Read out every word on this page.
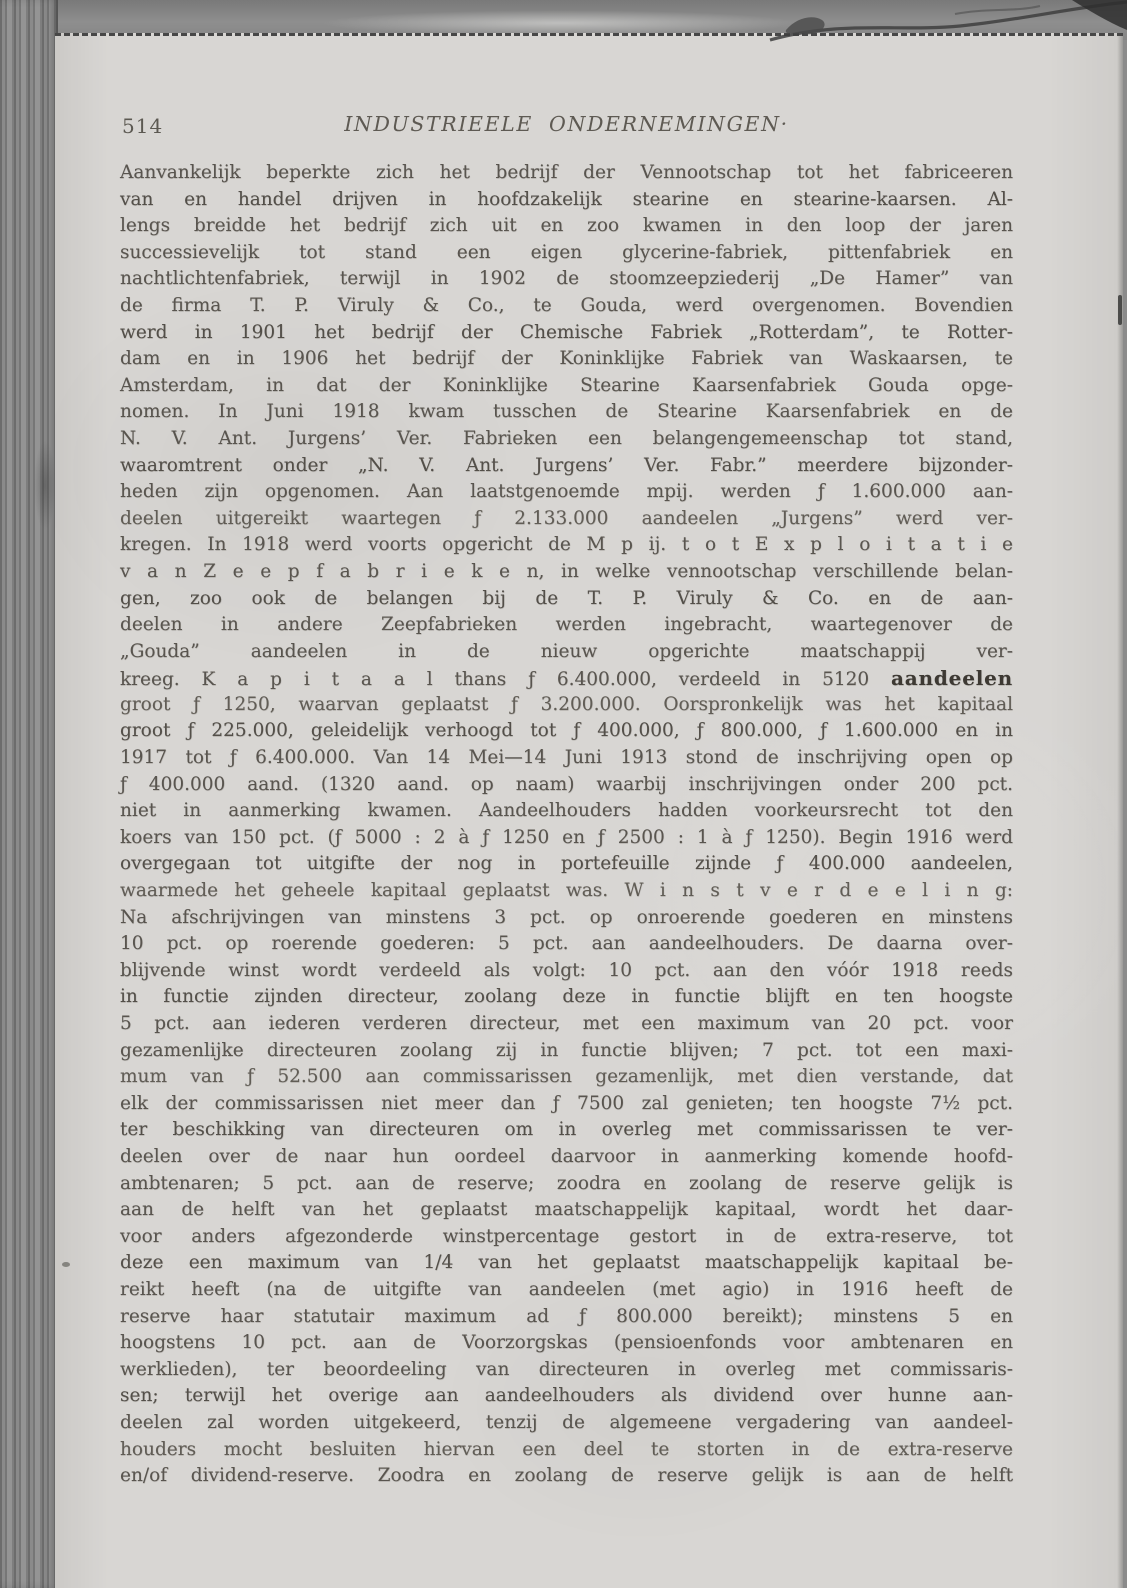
514	INDUSTRIEELE ONDERNEMINGEN·
Aanvankelijk beperkte zich het bedrijf der Vennootschap tot het fabriceeren
van en handel drijven in hoofdzakelijk stearine en stearine-kaarsen. Al-
lengs breidde het bedrijf zich uit en zoo kwamen in den loop der jaren
successievelijk tot stand een eigen glycerine-fabriek, pittenfabriek en
nachtlichtenfabriek, terwijl in 1902 de stoomzeepziederij „De Hamer” van
de firma T. P. Viruly & Co., te Gouda, werd overgenomen. Bovendien
werd in 1901 het bedrijf der Chemische Fabriek „Rotterdam”, te Rotter-
dam en in 1906 het bedrijf der Koninklijke Fabriek van Waskaarsen, te
Amsterdam, in dat der Koninklijke Stearine Kaarsenfabriek Gouda opge-
nomen. In Juni 1918 kwam tusschen de Stearine Kaarsenfabriek en de
N. V. Ant. Jurgens’ Ver. Fabrieken een belangengemeenschap tot stand,
waaromtrent onder „N. V. Ant. Jurgens’ Ver. Fabr.” meerdere bijzonder-
heden zijn opgenomen. Aan laatstgenoemde mpij. werden ƒ 1.600.000 aan-
deelen uitgereikt waartegen ƒ 2.133.000 aandeelen „Jurgens” werd ver-
kregen. In 1918 werd voorts opgericht de M p ij. t o t E x p l o i t a t i e
v a n Z e e p f a b r i e k e n, in welke vennootschap verschillende belan-
gen, zoo ook de belangen bij de T. P. Viruly & Co. en de aan-
deelen in andere Zeepfabrieken werden ingebracht, waartegenover de
„Gouda” aandeelen in de nieuw opgerichte maatschappij ver-
kreeg. K a p i t a a l thans ƒ 6.400.000, verdeeld in 5120 aandeelen
groot ƒ 1250, waarvan geplaatst ƒ 3.200.000. Oorspronkelijk was het kapitaal
groot ƒ 225.000, geleidelijk verhoogd tot ƒ 400.000, ƒ 800.000, ƒ 1.600.000 en in
1917 tot ƒ 6.400.000. Van 14 Mei—14 Juni 1913 stond de inschrijving open op
ƒ 400.000 aand. (1320 aand. op naam) waarbij inschrijvingen onder 200 pct.
niet in aanmerking kwamen. Aandeelhouders hadden voorkeursrecht tot den
koers van 150 pct. (ƒ 5000 : 2 à ƒ 1250 en ƒ 2500 : 1 à ƒ 1250). Begin 1916 werd
overgegaan tot uitgifte der nog in portefeuille zijnde ƒ 400.000 aandeelen,
waarmede het geheele kapitaal geplaatst was. W i n s t v e r d e e l i n g:
Na afschrijvingen van minstens 3 pct. op onroerende goederen en minstens
10 pct. op roerende goederen: 5 pct. aan aandeelhouders. De daarna over-
blijvende winst wordt verdeeld als volgt: 10 pct. aan den vóór 1918 reeds
in functie zijnden directeur, zoolang deze in functie blijft en ten hoogste
5 pct. aan iederen verderen directeur, met een maximum van 20 pct. voor
gezamenlijke directeuren zoolang zij in functie blijven; 7 pct. tot een maxi-
mum van ƒ 52.500 aan commissarissen gezamenlijk, met dien verstande, dat
elk der commissarissen niet meer dan ƒ 7500 zal genieten; ten hoogste 7½ pct.
ter beschikking van directeuren om in overleg met commissarissen te ver-
deelen over de naar hun oordeel daarvoor in aanmerking komende hoofd-
ambtenaren; 5 pct. aan de reserve; zoodra en zoolang de reserve gelijk is
aan de helft van het geplaatst maatschappelijk kapitaal, wordt het daar-
voor anders afgezonderde winstpercentage gestort in de extra-reserve, tot
deze een maximum van 1/4 van het geplaatst maatschappelijk kapitaal be-
reikt heeft (na de uitgifte van aandeelen (met agio) in 1916 heeft de
reserve haar statutair maximum ad ƒ 800.000 bereikt); minstens 5 en
hoogstens 10 pct. aan de Voorzorgskas (pensioenfonds voor ambtenaren en
werklieden), ter beoordeeling van directeuren in overleg met commissaris-
sen; terwijl het overige aan aandeelhouders als dividend over hunne aan-
deelen zal worden uitgekeerd, tenzij de algemeene vergadering van aandeel-
houders mocht besluiten hiervan een deel te storten in de extra-reserve
en/of dividend-reserve. Zoodra en zoolang de reserve gelijk is aan de helft
